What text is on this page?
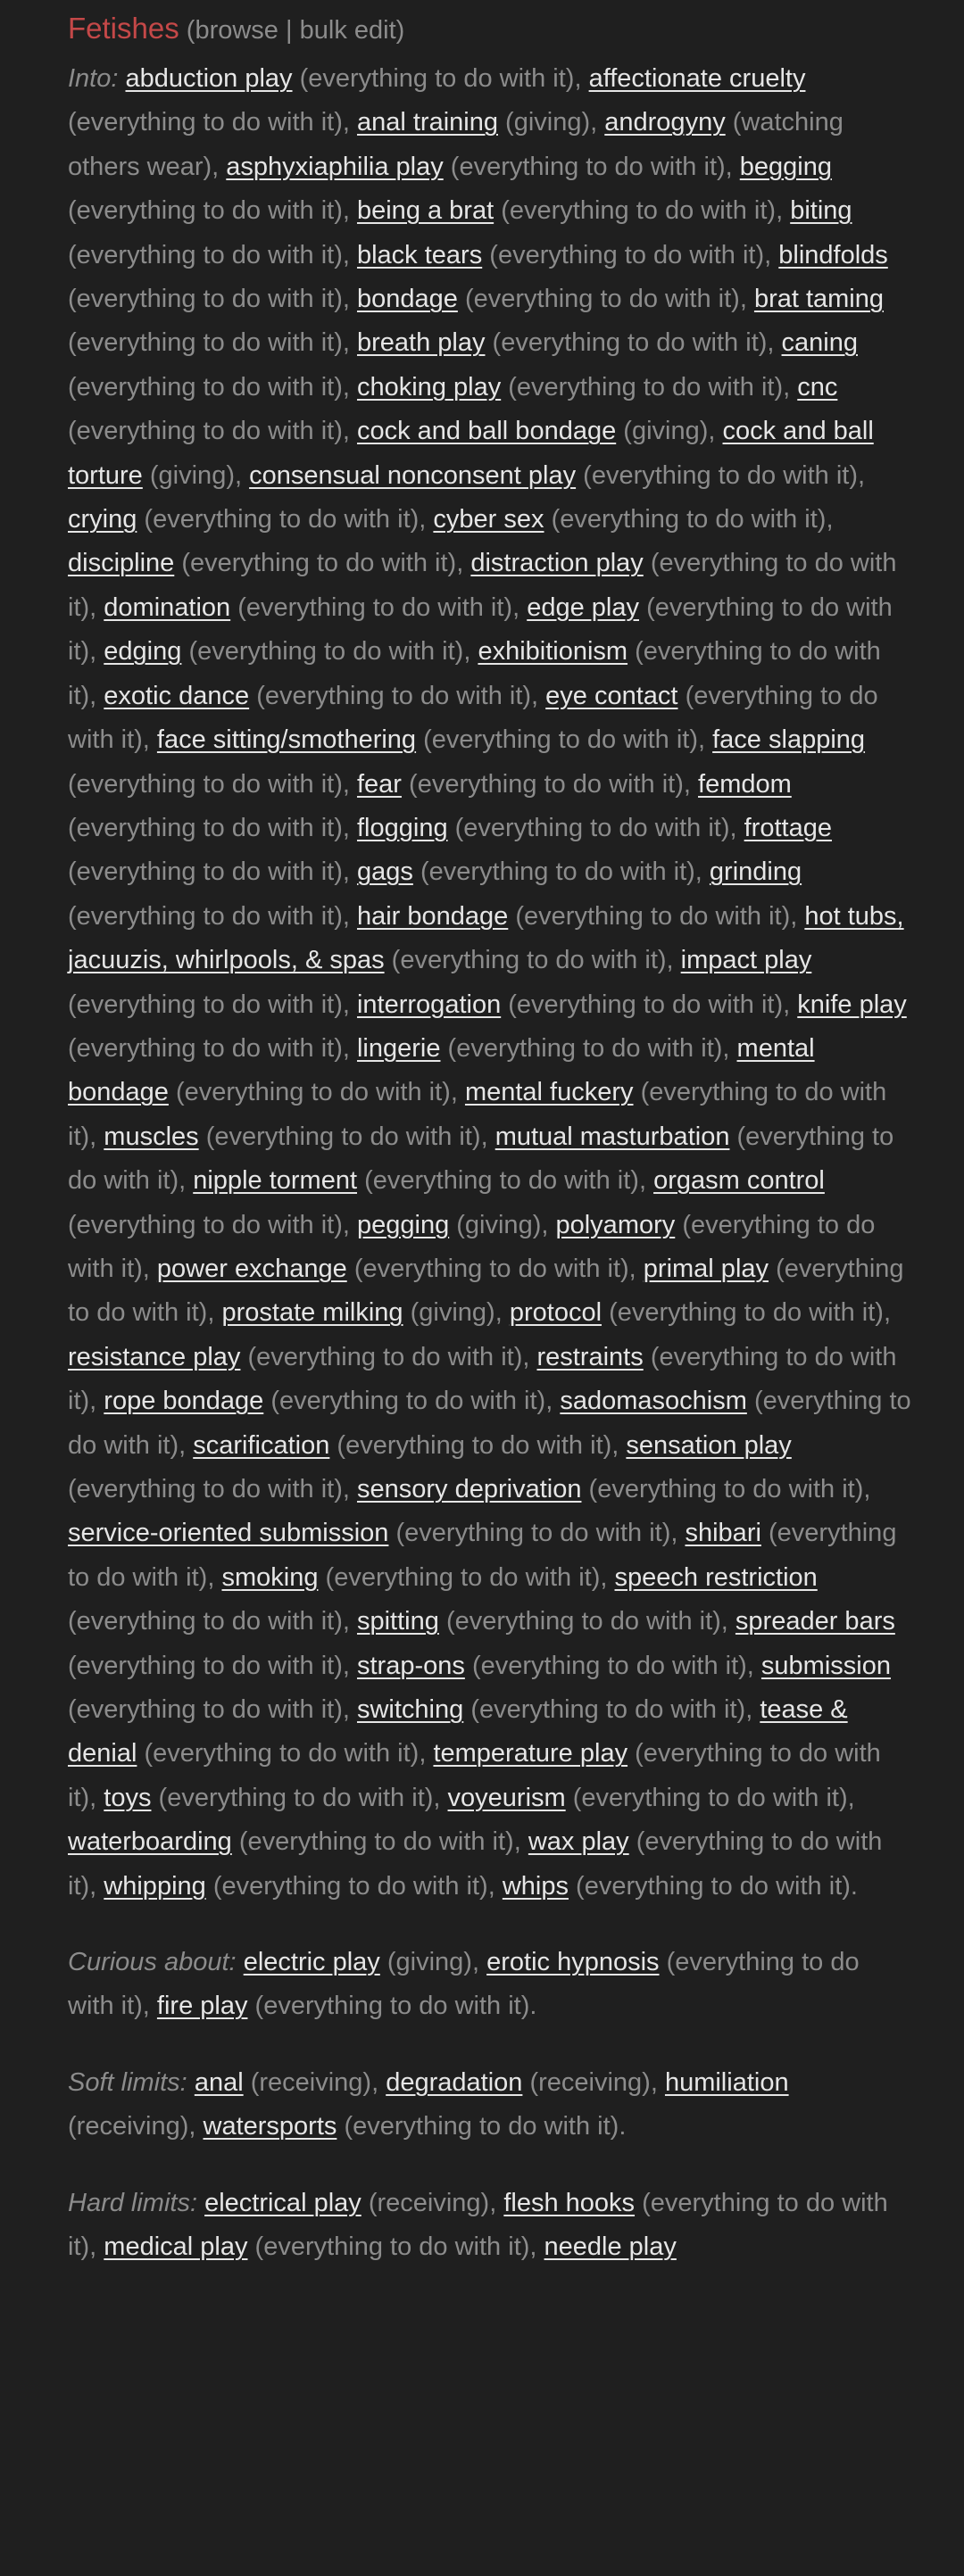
Fetishes (browse | bulk edit)
Into: abduction play (everything to do with it), affectionate cruelty (everything to do with it), anal training (giving), androgyny (watching others wear), asphyxiaphilia play (everything to do with it), begging (everything to do with it), being a brat (everything to do with it), biting (everything to do with it), black tears (everything to do with it), blindfolds (everything to do with it), bondage (everything to do with it), brat taming (everything to do with it), breath play (everything to do with it), caning (everything to do with it), choking play (everything to do with it), cnc (everything to do with it), cock and ball bondage (giving), cock and ball torture (giving), consensual nonconsent play (everything to do with it), crying (everything to do with it), cyber sex (everything to do with it), discipline (everything to do with it), distraction play (everything to do with it), domination (everything to do with it), edge play (everything to do with it), edging (everything to do with it), exhibitionism (everything to do with it), exotic dance (everything to do with it), eye contact (everything to do with it), face sitting/smothering (everything to do with it), face slapping (everything to do with it), fear (everything to do with it), femdom (everything to do with it), flogging (everything to do with it), frottage (everything to do with it), gags (everything to do with it), grinding (everything to do with it), hair bondage (everything to do with it), hot tubs, jacuuzis, whirlpools, & spas (everything to do with it), impact play (everything to do with it), interrogation (everything to do with it), knife play (everything to do with it), lingerie (everything to do with it), mental bondage (everything to do with it), mental fuckery (everything to do with it), muscles (everything to do with it), mutual masturbation (everything to do with it), nipple torment (everything to do with it), orgasm control (everything to do with it), pegging (giving), polyamory (everything to do with it), power exchange (everything to do with it), primal play (everything to do with it), prostate milking (giving), protocol (everything to do with it), resistance play (everything to do with it), restraints (everything to do with it), rope bondage (everything to do with it), sadomasochism (everything to do with it), scarification (everything to do with it), sensation play (everything to do with it), sensory deprivation (everything to do with it), service-oriented submission (everything to do with it), shibari (everything to do with it), smoking (everything to do with it), speech restriction (everything to do with it), spitting (everything to do with it), spreader bars (everything to do with it), strap-ons (everything to do with it), submission (everything to do with it), switching (everything to do with it), tease & denial (everything to do with it), temperature play (everything to do with it), toys (everything to do with it), voyeurism (everything to do with it), waterboarding (everything to do with it), wax play (everything to do with it), whipping (everything to do with it), whips (everything to do with it).
Curious about: electric play (giving), erotic hypnosis (everything to do with it), fire play (everything to do with it).
Soft limits: anal (receiving), degradation (receiving), humiliation (receiving), watersports (everything to do with it).
Hard limits: electrical play (receiving), flesh hooks (everything to do with it), medical play (everything to do with it), needle play
